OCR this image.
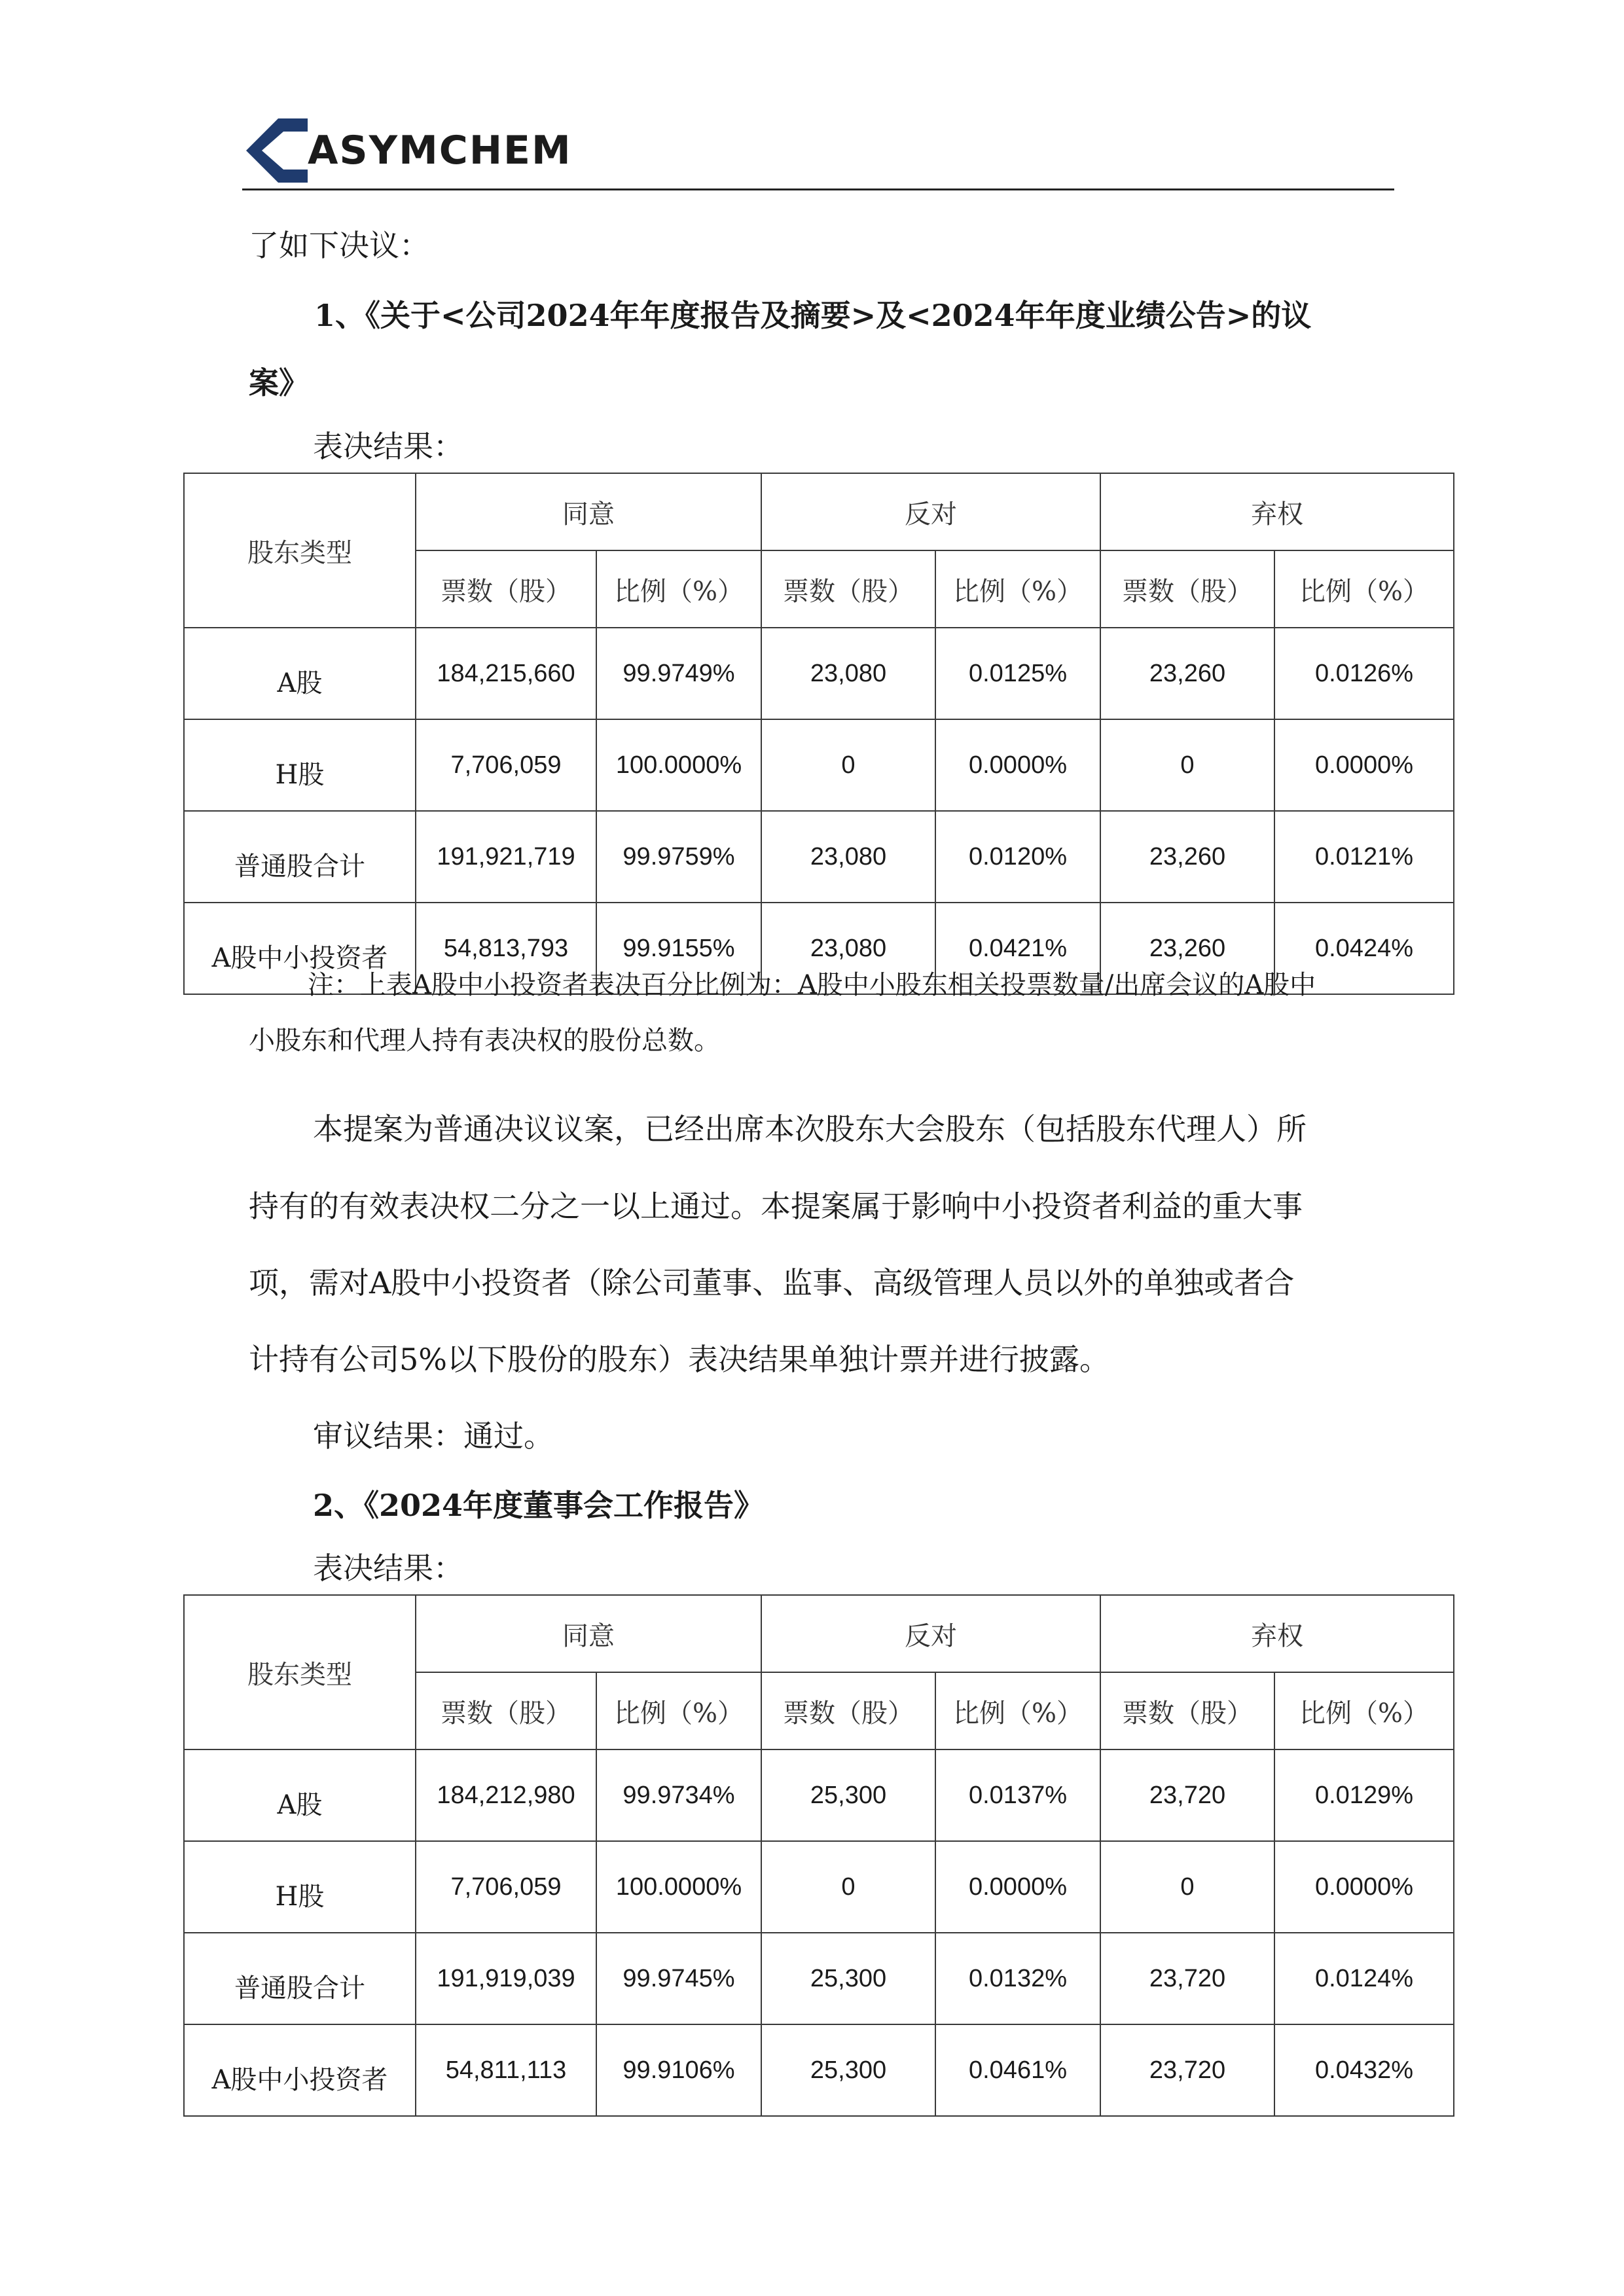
ASYMCHEM
了如下决议：
1、《关于<公司2024年年度报告及摘要>及<2024年年度业绩公告>的议
案》
表决结果：
股东类型	同意		反对		弃权	
	票数（股）	比例（%）	票数（股）	比例（%）	票数（股）	比例（%）
A股	184,215,660	99.9749%	23,080	0.0125%	23,260	0.0126%
H股	7,706,059	100.0000%	0	0.0000%	0	0.0000%
普通股合计	191,921,719	99.9759%	23,080	0.0120%	23,260	0.0121%
A股中小投资者	54,813,793	99.9155%	23,080	0.0421%	23,260	0.0424%
注：上表A股中小投资者表决百分比例为：A股中小股东相关投票数量/出席会议的A股中
小股东和代理人持有表决权的股份总数。
本提案为普通决议议案，已经出席本次股东大会股东（包括股东代理人）所
持有的有效表决权二分之一以上通过。本提案属于影响中小投资者利益的重大事
项，需对A股中小投资者（除公司董事、监事、高级管理人员以外的单独或者合
计持有公司5%以下股份的股东）表决结果单独计票并进行披露。
审议结果：通过。
2、《2024年度董事会工作报告》
表决结果：
股东类型	同意		反对		弃权	
	票数（股）	比例（%）	票数（股）	比例（%）	票数（股）	比例（%）
A股	184,212,980	99.9734%	25,300	0.0137%	23,720	0.0129%
H股	7,706,059	100.0000%	0	0.0000%	0	0.0000%
普通股合计	191,919,039	99.9745%	25,300	0.0132%	23,720	0.0124%
A股中小投资者	54,811,113	99.9106%	25,300	0.0461%	23,720	0.0432%
